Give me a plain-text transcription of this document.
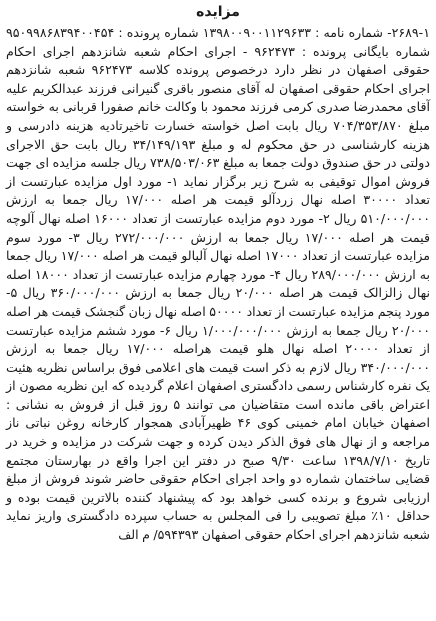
مزایده

۲۶۸۹-۱- شماره نامه : ۱۳۹۸۰۰۹۰۰۱۱۲۹۶۳۳ شماره پرونده : ۹۵۰۹۹۸۶۸۳۹۴۰۰۴۵۴ شماره بایگانی پرونده : ۹۶۲۴۷۳ - اجرای احکام شعبه شانزدهم اجرای احکام حقوقی اصفهان در نظر دارد درخصوص پرونده کلاسه ۹۶۲۴۷۳ شعبه شانزدهم اجرای احکام حقوقی اصفهان له آقای منصور باقری گنیرانی فرزند عبدالکریم علیه آقای محمدرضا صدری کرمی فرزند محمود با وکالت خانم صفورا قربانی به خواسته مبلغ ۷۰۴/۳۵۳/۸۷۰ ریال بابت اصل خواسته خسارت تاخیرتادیه هزینه دادرسی و هزینه کارشناسی در حق محکوم له و مبلغ ۳۴/۱۴۹/۱۹۳ ریال بابت حق الاجرای دولتی در حق صندوق دولت جمعا به مبلغ ۷۳۸/۵۰۳/۰۶۳ ریال جلسه مزایده ای جهت فروش اموال توقیفی به شرح زیر برگزار نماید ۱- مورد اول مزایده عبارتست از تعداد ۳۰۰۰۰ اصله نهال زردآلو قیمت هر اصله ۱۷/۰۰۰ ریال جمعا به ارزش ۵۱۰/۰۰۰/۰۰۰ ریال ۲- مورد دوم مزایده عبارتست از تعداد ۱۶۰۰۰ اصله نهال آلوچه قیمت هر اصله ۱۷/۰۰۰ ریال جمعا به ارزش ۲۷۲/۰۰۰/۰۰۰ ریال ۳- مورد سوم مزایده عبارتست از تعداد ۱۷۰۰۰ اصله نهال آلبالو قیمت هر اصله ۱۷/۰۰۰ ریال جمعا به ارزش ۲۸۹/۰۰۰/۰۰۰ ریال ۴- مورد چهارم مزایده عبارتست از تعداد ۱۸۰۰۰ اصله نهال زالزالک قیمت هر اصله ۲۰/۰۰۰ ریال جمعا به ارزش ۳۶۰/۰۰۰/۰۰۰ ریال ۵- مورد پنجم مزایده عبارتست از تعداد ۵۰۰۰۰ اصله نهال زبان گنجشک قیمت هر اصله ۲۰/۰۰۰ ریال جمعا به ارزش ۱/۰۰۰/۰۰۰/۰۰۰ ریال ۶- مورد ششم مزایده عبارتست از تعداد ۲۰۰۰۰ اصله نهال هلو قیمت هراصله ۱۷/۰۰۰ ریال جمعا به ارزش ۳۴۰/۰۰۰/۰۰۰ ریال لازم به ذکر است قیمت های اعلامی فوق براساس نظریه هئیت یک نفره کارشناس رسمی دادگستری اصفهان اعلام گردیده که این نظریه مصون از اعتراض باقی مانده است متقاضیان می توانند ۵ روز قبل از فروش به نشانی : اصفهان خیابان امام خمینی کوی ۴۶ ظهیرآبادی همجوار کارخانه روغن نباتی ناز مراجعه و از نهال های فوق الذکر دیدن کرده و جهت شرکت در مزایده و خرید در تاریخ ۱۳۹۸/۷/۱۰ ساعت ۹/۳۰ صبح در دفتر این اجرا واقع در بهارستان مجتمع قضایی ساختمان شماره دو واحد اجرای احکام حقوقی حاضر شوند فروش از مبلغ ارزیابی شروع و برنده کسی خواهد بود که پیشنهاد کننده بالاترین قیمت بوده و حداقل ۱۰٪ مبلغ تصویبی را فی المجلس به حساب سپرده دادگستری واریز نماید شعبه شانزدهم اجرای احکام حقوقی اصفهان ۵۹۴۳۹۳/ م الف
